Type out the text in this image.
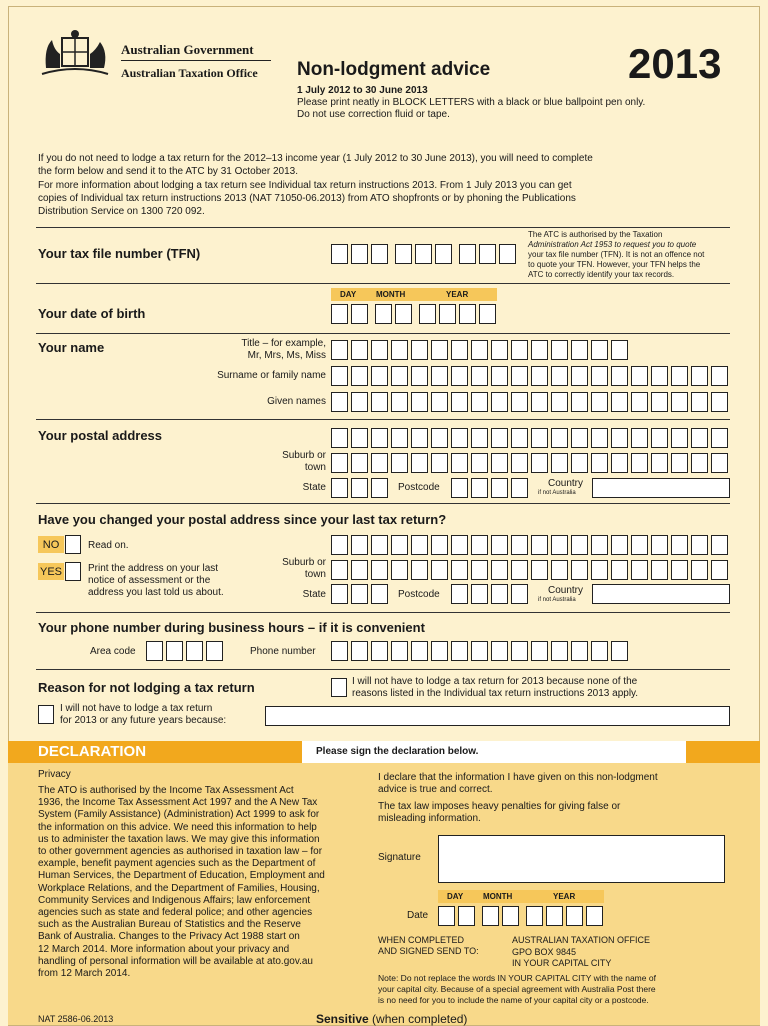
Australian Government
Australian Taxation Office Non-lodgment advice	2013
1 July 2012 to 30 June 2013
Please print neatly in BLOCK LETTERS with a black or blue ballpoint pen only.
Do not use correction fluid or tape.
If you do not need to lodge a tax return for the 2012–13 income year (1 July 2012 to 30 June 2013), you will need to complete
the form below and send it to the ATC by 31 October 2013.
For more information about lodging a tax return see Individual tax return instructions 2013. From 1 July 2013 you can get
copies of Individual tax return instructions 2013 (NAT 71050-06.2013) from ATO shopfronts or by phoning the Publications
Distribution Service on 1300 720 092.
Your tax file number (TFN)
The ATC is authorised by the Taxation
Administration Act 1953 to request you to quote
your tax file number (TFN). It is not an offence not
to quote your TFN. However, your TFN helps the
ATC to correctly identify your tax records.
DAY MONTH	YEAR
Your date of birth
Your name	Title – for example,
Mr, Mrs, Ms, Miss
Surname or family name
Given names
Your postal address
Suburb or
town
State	Postcode	Country
if not Australia
Have you changed your postal address since your last tax return?
NO	Read on.
YES	Print the address on your last
notice of assessment or the
address you last told us about.
Suburb or
town
State	Postcode	Country
if not Australia
Your phone number during business hours – if it is convenient
Area code	Phone number
Reason for not lodging a tax return	I will not have to lodge a tax return for 2013 because none of the
reasons listed in the Individual tax return instructions 2013 apply.
I will not have to lodge a tax return
for 2013 or any future years because:
DECLARATION	Please sign the declaration below.
Privacy
The ATO is authorised by the Income Tax Assessment Act
1936, the Income Tax Assessment Act 1997 and the A New Tax
System (Family Assistance) (Administration) Act 1999 to ask for
the information on this advice. We need this information to help
us to administer the taxation laws. We may give this information
to other government agencies as authorised in taxation law – for
example, benefit payment agencies such as the Department of
Human Services, the Department of Education, Employment and
Workplace Relations, and the Department of Families, Housing,
Community Services and Indigenous Affairs; law enforcement
agencies such as state and federal police; and other agencies
such as the Australian Bureau of Statistics and the Reserve
Bank of Australia. Changes to the Privacy Act 1988 start on
12 March 2014. More information about your privacy and
handling of personal information will be available at ato.gov.au
from 12 March 2014.
I declare that the information I have given on this non-lodgment
advice is true and correct.
The tax law imposes heavy penalties for giving false or
misleading information.
Signature
DAY MONTH	YEAR
Date
WHEN COMPLETED
AND SIGNED SEND TO:
AUSTRALIAN TAXATION OFFICE
GPO BOX 9845
IN YOUR CAPITAL CITY
Note: Do not replace the words IN YOUR CAPITAL CITY with the name of
your capital city. Because of a special agreement with Australia Post there
is no need for you to include the name of your capital city or a postcode.
NAT 2586-06.2013	Sensitive (when completed)
